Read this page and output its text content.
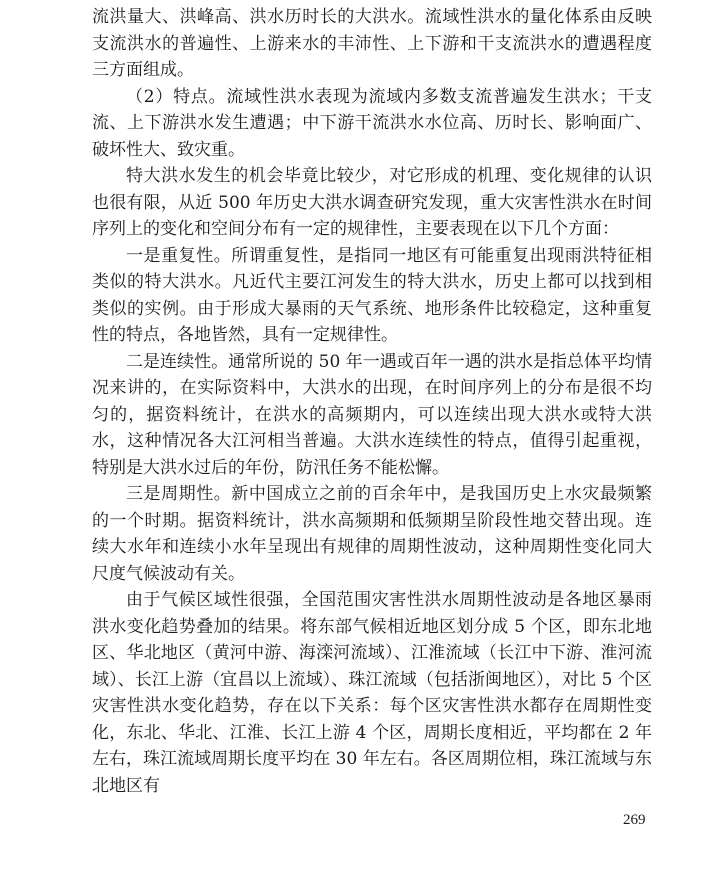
流洪量大、洪峰高、洪水历时长的大洪水。流域性洪水的量化体系由反映支流洪水的普遍性、上游来水的丰沛性、上下游和干支流洪水的遭遇程度三方面组成。

（2）特点。流域性洪水表现为流域内多数支流普遍发生洪水；干支流、上下游洪水发生遭遇；中下游干流洪水水位高、历时长、影响面广、破坏性大、致灾重。

特大洪水发生的机会毕竟比较少，对它形成的机理、变化规律的认识也很有限，从近 500 年历史大洪水调查研究发现，重大灾害性洪水在时间序列上的变化和空间分布有一定的规律性，主要表现在以下几个方面：

一是重复性。所谓重复性，是指同一地区有可能重复出现雨洪特征相类似的特大洪水。凡近代主要江河发生的特大洪水，历史上都可以找到相类似的实例。由于形成大暴雨的天气系统、地形条件比较稳定，这种重复性的特点，各地皆然，具有一定规律性。

二是连续性。通常所说的 50 年一遇或百年一遇的洪水是指总体平均情况来讲的，在实际资料中，大洪水的出现，在时间序列上的分布是很不均匀的，据资料统计，在洪水的高频期内，可以连续出现大洪水或特大洪水，这种情况各大江河相当普遍。大洪水连续性的特点，值得引起重视，特别是大洪水过后的年份，防汛任务不能松懈。

三是周期性。新中国成立之前的百余年中，是我国历史上水灾最频繁的一个时期。据资料统计，洪水高频期和低频期呈阶段性地交替出现。连续大水年和连续小水年呈现出有规律的周期性波动，这种周期性变化同大尺度气候波动有关。

由于气候区域性很强，全国范围灾害性洪水周期性波动是各地区暴雨洪水变化趋势叠加的结果。将东部气候相近地区划分成 5 个区，即东北地区、华北地区（黄河中游、海滦河流域）、江淮流域（长江中下游、淮河流域）、长江上游（宜昌以上流域）、珠江流域（包括浙闽地区），对比 5 个区灾害性洪水变化趋势，存在以下关系：每个区灾害性洪水都存在周期性变化，东北、华北、江淮、长江上游 4 个区，周期长度相近，平均都在 2 年左右，珠江流域周期长度平均在 30 年左右。各区周期位相，珠江流域与东北地区有

269
